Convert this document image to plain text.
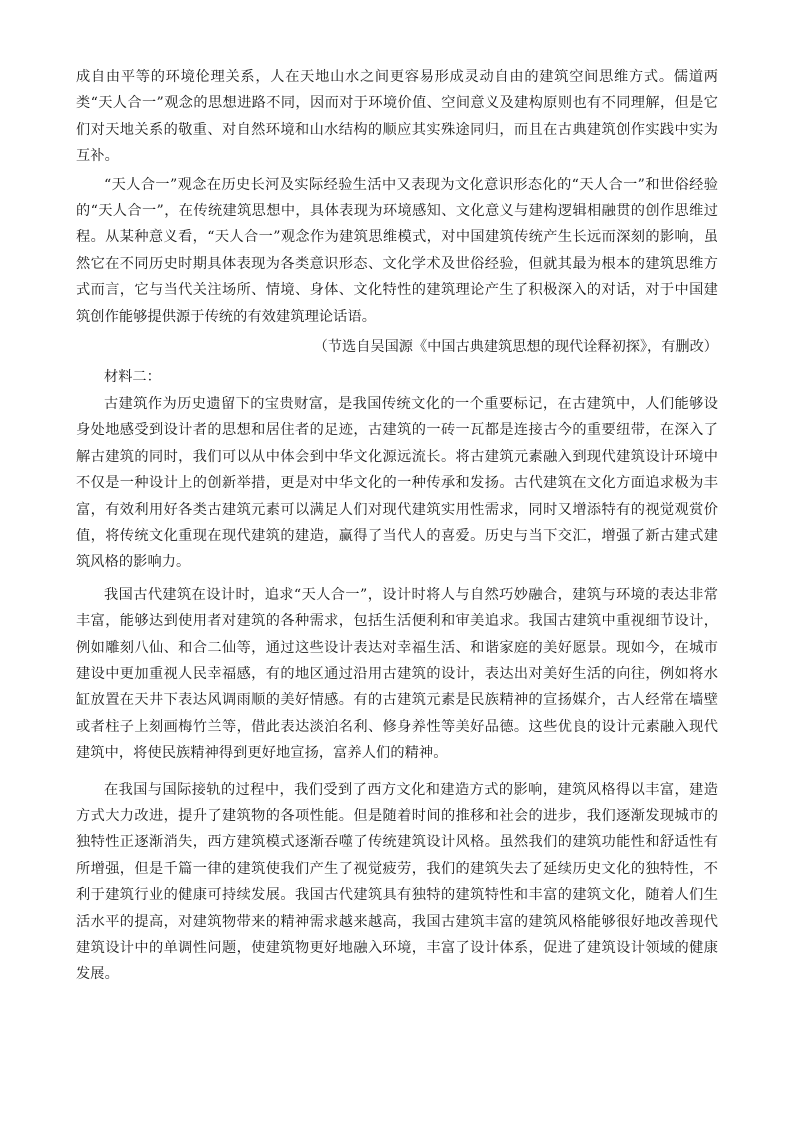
成自由平等的环境伦理关系，人在天地山水之间更容易形成灵动自由的建筑空间思维方式。儒道两类“天人合一”观念的思想进路不同，因而对于环境价值、空间意义及建构原则也有不同理解，但是它们对天地关系的敬重、对自然环境和山水结构的顺应其实殊途同归，而且在古典建筑创作实践中实为互补。

“天人合一”观念在历史长河及实际经验生活中又表现为文化意识形态化的“天人合一”和世俗经验的“天人合一”，在传统建筑思想中，具体表现为环境感知、文化意义与建构逻辑相融贯的创作思维过程。从某种意义看，“天人合一”观念作为建筑思维模式，对中国建筑传统产生长远而深刻的影响，虽然它在不同历史时期具体表现为各类意识形态、文化学术及世俗经验，但就其最为根本的建筑思维方式而言，它与当代关注场所、情境、身体、文化特性的建筑理论产生了积极深入的对话，对于中国建筑创作能够提供源于传统的有效建筑理论话语。

（节选自吴国源《中国古典建筑思想的现代诠释初探》，有删改）

材料二：

古建筑作为历史遗留下的宝贵财富，是我国传统文化的一个重要标记，在古建筑中，人们能够设身处地感受到设计者的思想和居住者的足迹，古建筑的一砖一瓦都是连接古今的重要纽带，在深入了解古建筑的同时，我们可以从中体会到中华文化源远流长。将古建筑元素融入到现代建筑设计环境中不仅是一种设计上的创新举措，更是对中华文化的一种传承和发扬。古代建筑在文化方面追求极为丰富，有效利用好各类古建筑元素可以满足人们对现代建筑实用性需求，同时又增添特有的视觉观赏价值，将传统文化重现在现代建筑的建造，赢得了当代人的喜爱。历史与当下交汇，增强了新古建式建筑风格的影响力。

我国古代建筑在设计时，追求“天人合一”，设计时将人与自然巧妙融合，建筑与环境的表达非常丰富，能够达到使用者对建筑的各种需求，包括生活便利和审美追求。我国古建筑中重视细节设计，例如雕刻八仙、和合二仙等，通过这些设计表达对幸福生活、和谐家庭的美好愿景。现如今，在城市建设中更加重视人民幸福感，有的地区通过沿用古建筑的设计，表达出对美好生活的向往，例如将水缸放置在天井下表达风调雨顺的美好情感。有的古建筑元素是民族精神的宣扬媒介，古人经常在墙壁或者柱子上刻画梅竹兰等，借此表达淡泊名利、修身养性等美好品德。这些优良的设计元素融入现代建筑中，将使民族精神得到更好地宣扬，富养人们的精神。

在我国与国际接轨的过程中，我们受到了西方文化和建造方式的影响，建筑风格得以丰富，建造方式大力改进，提升了建筑物的各项性能。但是随着时间的推移和社会的进步，我们逐渐发现城市的独特性正逐渐消失，西方建筑模式逐渐吞噬了传统建筑设计风格。虽然我们的建筑功能性和舒适性有所增强，但是千篇一律的建筑使我们产生了视觉疲劳，我们的建筑失去了延续历史文化的独特性，不利于建筑行业的健康可持续发展。我国古代建筑具有独特的建筑特性和丰富的建筑文化，随着人们生活水平的提高，对建筑物带来的精神需求越来越高，我国古建筑丰富的建筑风格能够很好地改善现代建筑设计中的单调性问题，使建筑物更好地融入环境，丰富了设计体系，促进了建筑设计领域的健康发展。
